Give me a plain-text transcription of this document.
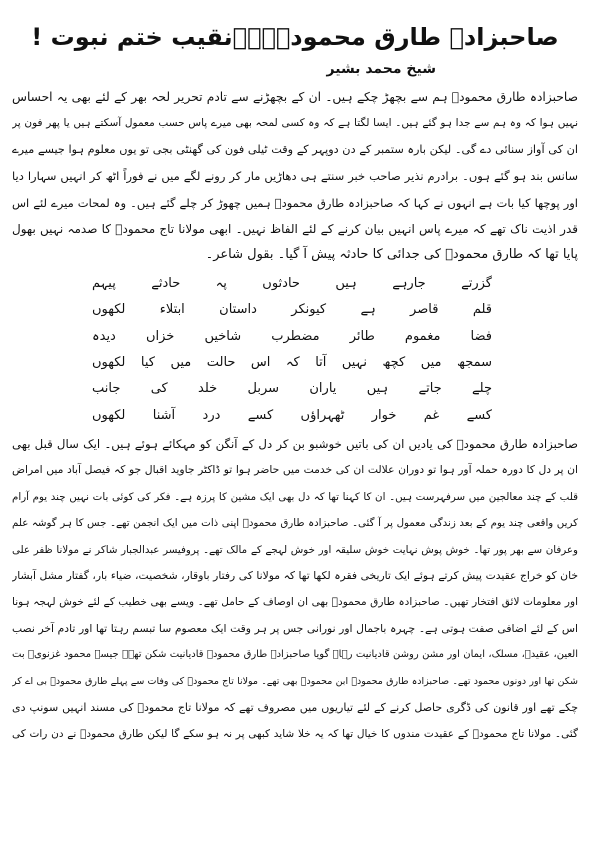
صاحبزادہ طارق محمودؒ۔۔۔نقیب ختم نبوت !
شیخ محمد بشیر
صاحبزادہ طارق محمودؒ ہم سے بچھڑ چکے ہیں۔ ان کے بچھڑنے سے تادم تحریر لحہ بھر کے لئے بھی یہ احساس
نہیں ہوا کہ وہ ہم سے جدا ہو گئے ہیں۔ ایسا لگتا ہے کہ وہ کسی لمحہ بھی میرے پاس حسب معمول آسکتے ہیں یا پھر فون پر
ان کی آواز سنائی دے گی۔ لیکن بارہ ستمبر کے دن دوپہر کے وقت ٹیلی فون کی گھنٹی بجی تو یوں معلوم ہوا جیسے میرے
سانس بند ہو گئے ہوں۔ برادرم نذیر صاحب خبر سنتے ہی دھاڑیں مار کر رونے لگے میں نے فوراً اٹھ کر انہیں سہارا دیا
اور پوچھا کیا بات ہے انہوں نے کہا کہ صاحبزادہ طارق محمودؒ ہمیں چھوڑ کر چلے گئے ہیں۔ وہ لمحات میرے لئے اس
قدر اذیت ناک تھے کہ میرے پاس انہیں بیان کرنے کے لئے الفاظ نہیں۔ ابھی مولانا تاج محمودؒ کا صدمہ نہیں بھول
پایا تھا کہ طارق محمودؒ کی جدائی کا حادثہ پیش آ گیا۔ بقول شاعر۔
گزرتے جارہے ہیں حادثوں پہ حادثے پیہم
قلم قاصر ہے کیونکر داستان ابتلاء لکھوں
فضا مغموم طائر مضطرب شاخیں خزاں دیدہ
سمجھ میں کچھ نہیں آتا کہ اس حالت میں کیا لکھوں
چلے جاتے ہیں یاران سربل خلد کی جانب
کسے غم خوار ٹھہراؤں کسے درد آشنا لکھوں
صاحبزادہ طارق محمودؒ کی یادیں ان کی باتیں خوشبو بن کر دل کے آنگن کو مہکائے ہوئے ہیں۔ ایک سال قبل بھی
ان پر دل کا دورہ حملہ آور ہوا تو دوران علالت ان کی خدمت میں حاضر ہوا تو ڈاکٹر جاوید اقبال جو کہ فیصل آباد میں امراض
قلب کے چند معالجین میں سرفہرست ہیں۔ ان کا کہنا تھا کہ دل بھی ایک مشین کا پرزہ ہے۔ فکر کی کوئی بات نہیں چند یوم آرام
کریں واقعی چند یوم کے بعد زندگی معمول پر آ گئی۔ صاحبزادہ طارق محمودؒ اپنی ذات میں ایک انجمن تھے۔ جس کا ہر گوشہ علم
وعرفان سے بھر پور تھا۔ خوش پوش نہایت خوش سلیقہ اور خوش لہجے کے مالک تھے۔ پروفیسر عبدالجبار شاکر نے مولانا ظفر علی
خان کو خراج عقیدت پیش کرتے ہوئے ایک تاریخی فقرہ لکھا تھا کہ مولانا کی رفتار باوقار، شخصیت، ضیاء بار، گفتار مشل آبشار
اور معلومات لائق افتخار تھیں۔ صاحبزادہ طارق محمودؒ بھی ان اوصاف کے حامل تھے۔ ویسے بھی خطیب کے لئے خوش لہجہ ہونا
اس کے لئے اضافی صفت ہوتی ہے۔ چہرہ باجمال اور نورانی جس پر ہر وقت ایک معصوم سا تبسم رہتا تھا اور تادم آخر نصب
العین، عقیدہ، مسلک، ایمان اور مشن روشن قادیانیت رہا۔ گویا صاحبزادہ طارق محمودؒ قادیانیت شکن تھے۔ جیسے محمود غزنویؒ بت
شکن تھا اور دونوں محمود تھے۔ صاحبزادہ طارق محمودؒ ابن محمودؒ بھی تھے۔ مولانا تاج محمودؒ کی وفات سے پہلے طارق محمودؒ بی اے کر
چکے تھے اور قانون کی ڈگری حاصل کرنے کے لئے تیاریوں میں مصروف تھے کہ مولانا تاج محمودؒ کی مسند انہیں سونپ دی
گئی۔ مولانا تاج محمودؒ کے عقیدت مندوں کا خیال تھا کہ یہ خلا شاید کبھی پر نہ ہو سکے گا لیکن طارق محمودؒ نے دن رات کی
